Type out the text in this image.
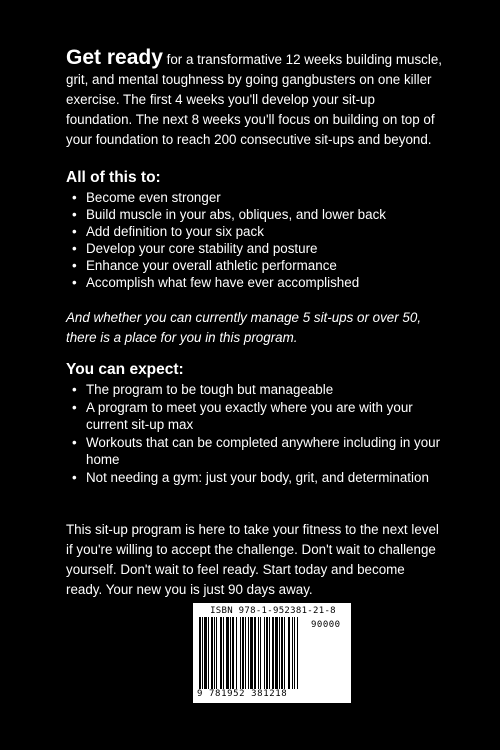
Get ready for a transformative 12 weeks building muscle, grit, and mental toughness by going gangbusters on one killer exercise. The first 4 weeks you'll develop your sit-up foundation. The next 8 weeks you'll focus on building on top of your foundation to reach 200 consecutive sit-ups and beyond.

All of this to:
• Become even stronger
• Build muscle in your abs, obliques, and lower back
• Add definition to your six pack
• Develop your core stability and posture
• Enhance your overall athletic performance
• Accomplish what few have ever accomplished

And whether you can currently manage 5 sit-ups or over 50, there is a place for you in this program.

You can expect:
• The program to be tough but manageable
• A program to meet you exactly where you are with your current sit-up max
• Workouts that can be completed anywhere including in your home
• Not needing a gym: just your body, grit, and determination

This sit-up program is here to take your fitness to the next level if you're willing to accept the challenge. Don't wait to challenge yourself. Don't wait to feel ready. Start today and become ready. Your new you is just 90 days away.

ISBN 978-1-952381-21-8
90000
9 781952 381218
